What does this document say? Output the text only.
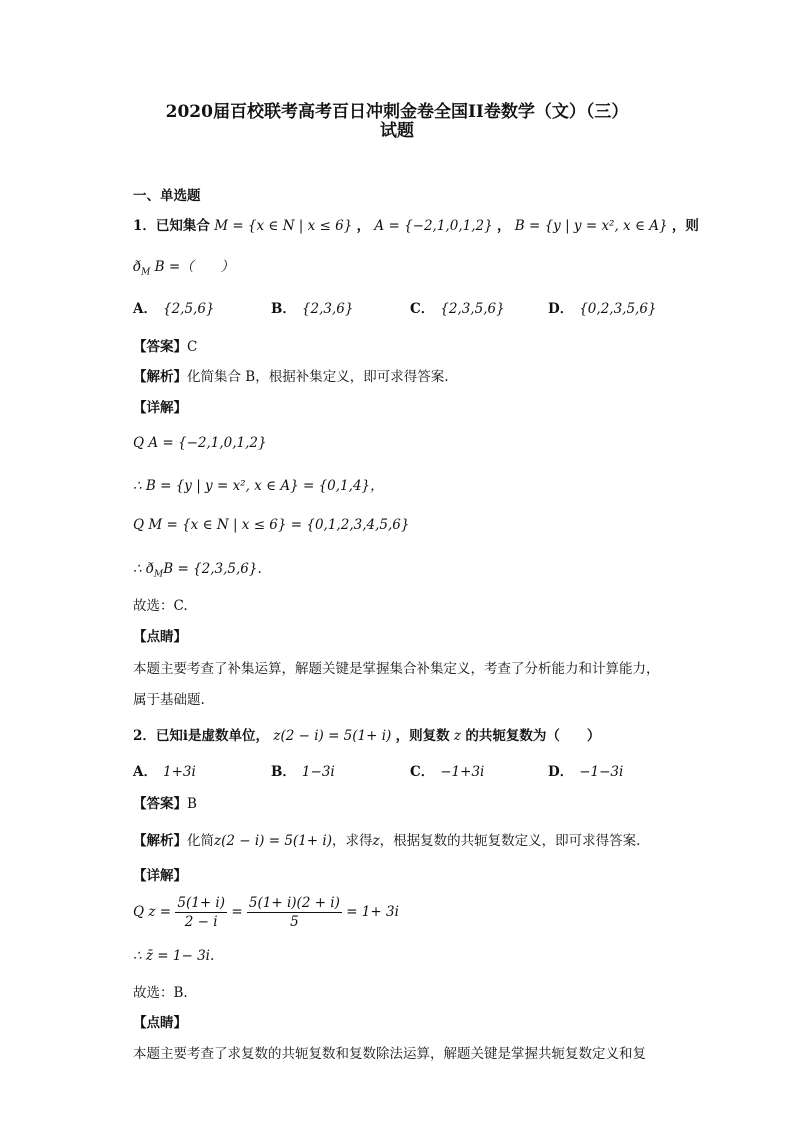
2020届百校联考高考百日冲刺金卷全国II卷数学（文）（三）
试题
一、单选题
1．已知集合 M = {x ∈ N | x ≤ 6} ， A = {−2,1,0,1,2} ， B = {y | y = x², x ∈ A} ，则
$ð_M$ B =（　　）
A． {2,5,6}	B． {2,3,6}	C． {2,3,5,6}	D． {0,2,3,5,6}
【答案】C
【解析】化简集合 B，根据补集定义，即可求得答案.
【详解】
Q A = {−2,1,0,1,2}
∴ B = {y | y = x², x ∈ A} = {0,1,4}，
Q M = {x ∈ N | x ≤ 6} = {0,1,2,3,4,5,6}
∴ $ð_MB = \{2,3,5,6\}$.
故选：C.
【点睛】
本题主要考查了补集运算，解题关键是掌握集合补集定义，考查了分析能力和计算能力，
属于基础题.
2．已知i是虚数单位， z(2 − i) = 5(1+ i) ，则复数 z 的共轭复数为（　　）
A． 1+3i	B． 1−3i	C． −1+3i	D． −1−3i
【答案】B
【解析】化简z(2 − i) = 5(1+ i)，求得z，根据复数的共轭复数定义，即可求得答案.
【详解】
Q $z = \frac{5(1+ i)}{2 - i} = \frac{5(1+ i)(2 + i)}{5} = 1+ 3i$
∴ z̄ = 1− 3i.
故选：B.
【点睛】
本题主要考查了求复数的共轭复数和复数除法运算，解题关键是掌握共轭复数定义和复
